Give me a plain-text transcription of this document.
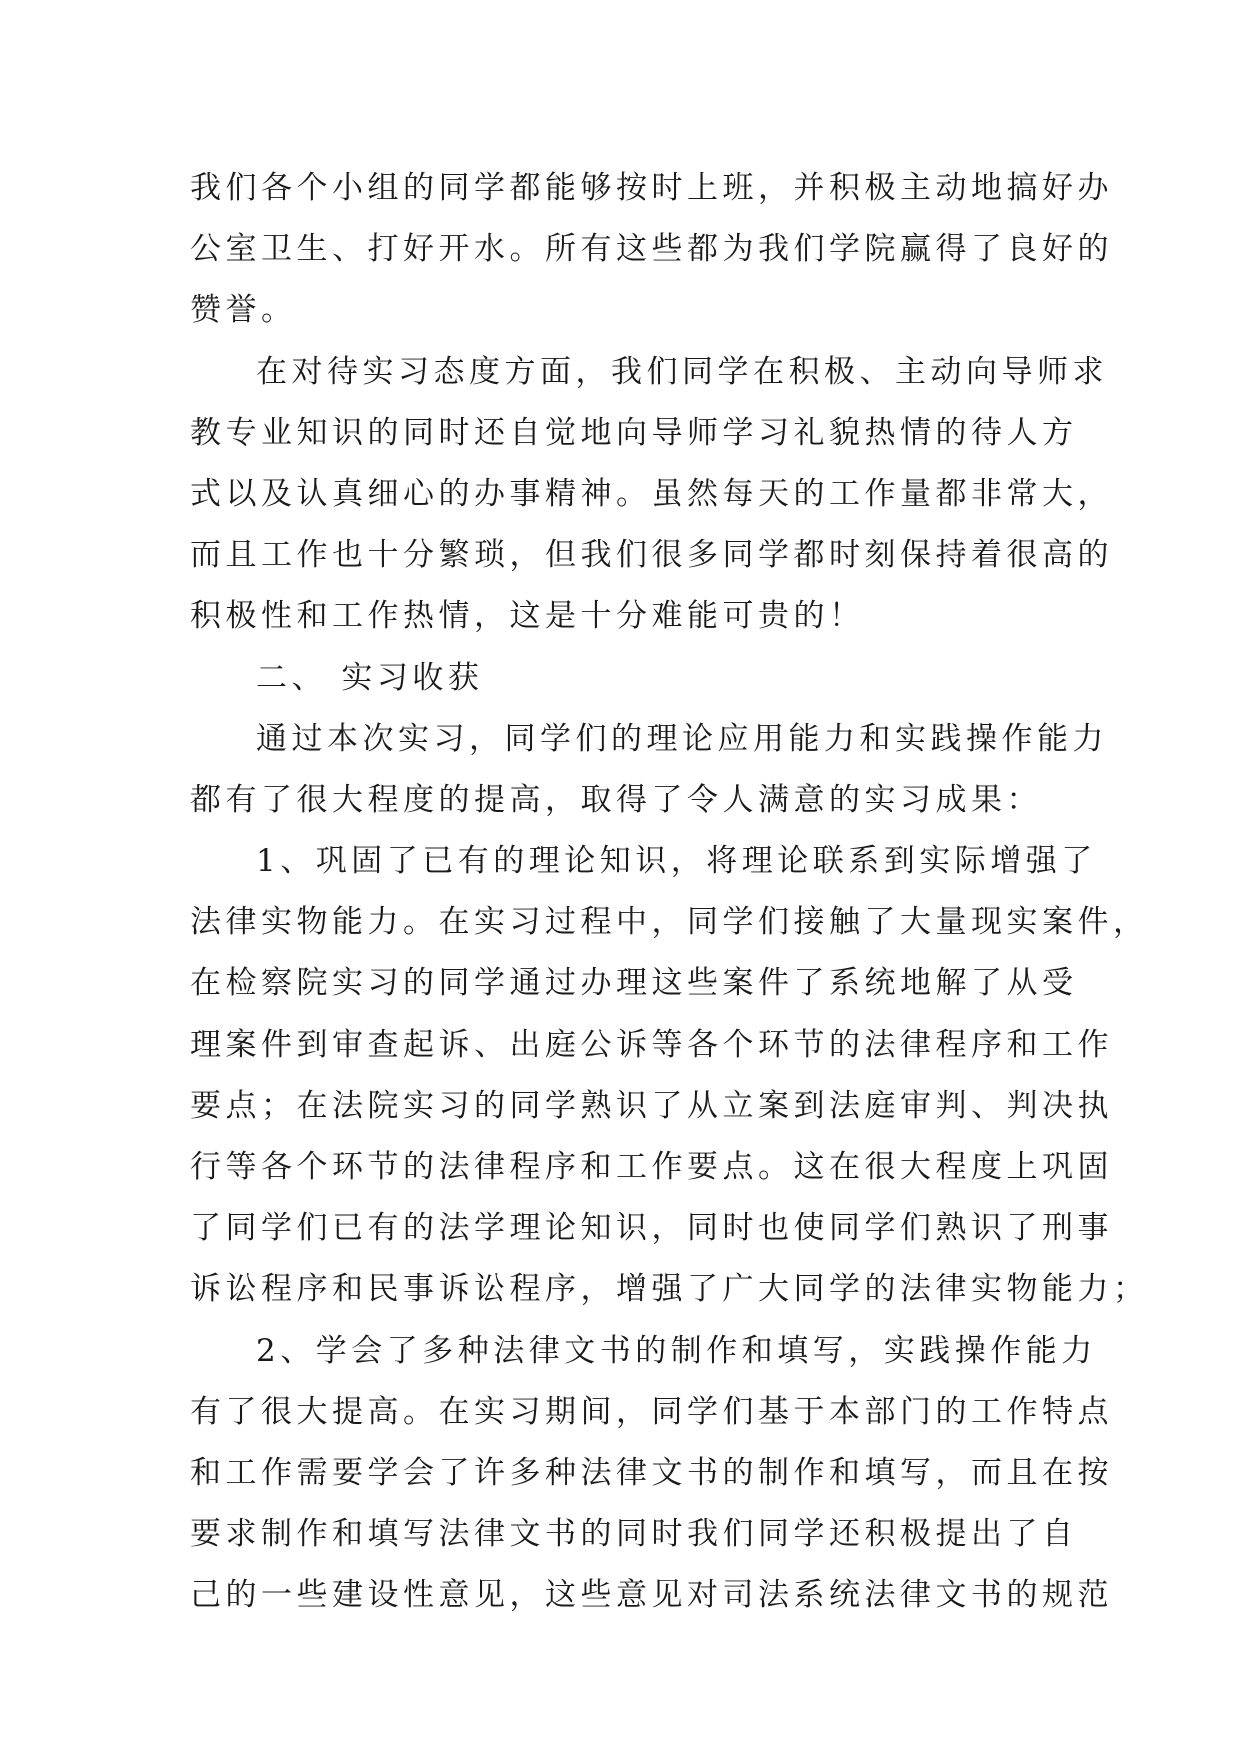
我们各个小组的同学都能够按时上班，并积极主动地搞好办
公室卫生、打好开水。所有这些都为我们学院赢得了良好的
赞誉。
在对待实习态度方面，我们同学在积极、主动向导师求
教专业知识的同时还自觉地向导师学习礼貌热情的待人方
式以及认真细心的办事精神。虽然每天的工作量都非常大，
而且工作也十分繁琐，但我们很多同学都时刻保持着很高的
积极性和工作热情，这是十分难能可贵的！
二、 实习收获
通过本次实习，同学们的理论应用能力和实践操作能力
都有了很大程度的提高，取得了令人满意的实习成果：
1、巩固了已有的理论知识，将理论联系到实际增强了
法律实物能力。在实习过程中，同学们接触了大量现实案件，
在检察院实习的同学通过办理这些案件了系统地解了从受
理案件到审查起诉、出庭公诉等各个环节的法律程序和工作
要点；在法院实习的同学熟识了从立案到法庭审判、判决执
行等各个环节的法律程序和工作要点。这在很大程度上巩固
了同学们已有的法学理论知识，同时也使同学们熟识了刑事
诉讼程序和民事诉讼程序，增强了广大同学的法律实物能力；
2、学会了多种法律文书的制作和填写，实践操作能力
有了很大提高。在实习期间，同学们基于本部门的工作特点
和工作需要学会了许多种法律文书的制作和填写，而且在按
要求制作和填写法律文书的同时我们同学还积极提出了自
己的一些建设性意见，这些意见对司法系统法律文书的规范
